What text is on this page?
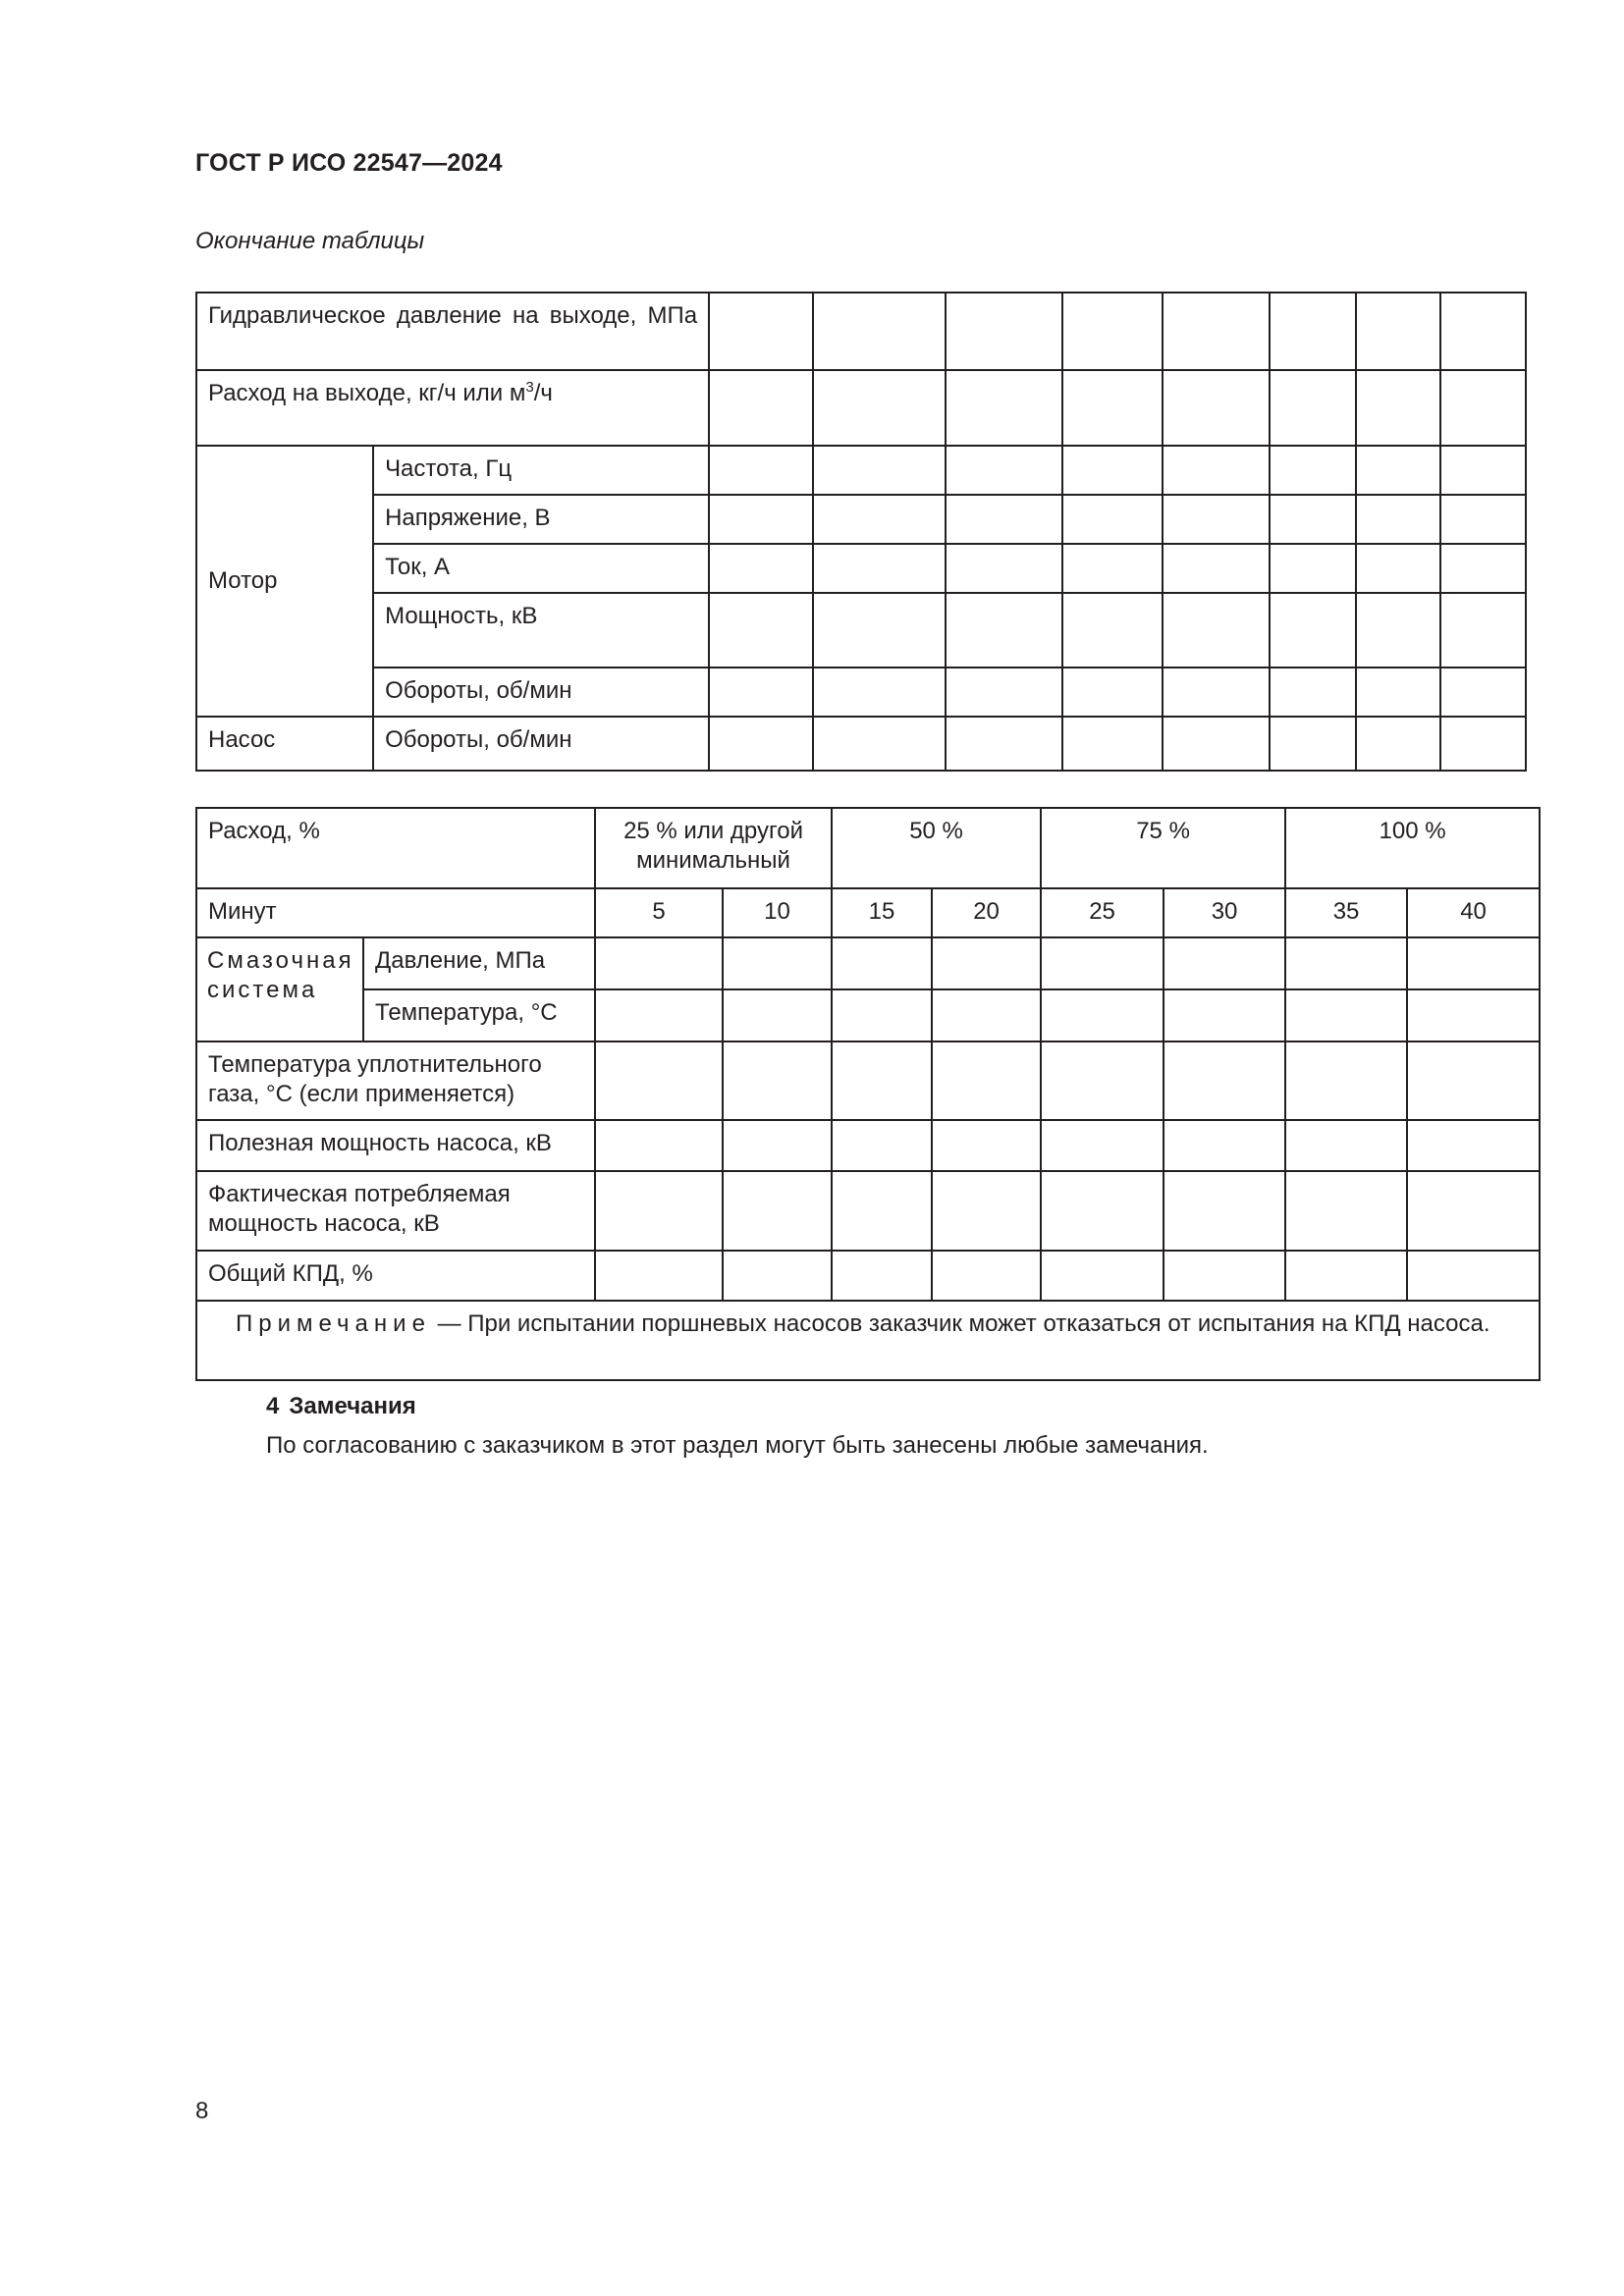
ГОСТ Р ИСО 22547—2024
Окончание таблицы
Гидравлическое давление на выходе, МПа									
Расход на выходе, кг/ч или $м^3/ч$									
Мотор	Частота, Гц								
	Напряжение, В								
	Ток, А								
	Мощность, кВ								
	Обороты, об/мин								
Насос	Обороты, об/мин								
Расход, %		25 % или другой минимальный		50 %		75 %		100 %	
Минут		5	10	15	20	25	30	35	40
Смазочная система	Давление, МПа								
	Температура, °С								
Температура уплотнительного газа, °С (если применяется)									
Полезная мощность насоса, кВ									
Фактическая потребляемая мощность насоса, кВ									
Общий КПД, %									
Примечание — При испытании поршневых насосов заказчик может отказаться от испытания на КПД насоса.									
4 Замечания
По согласованию с заказчиком в этот раздел могут быть занесены любые замечания.
8
